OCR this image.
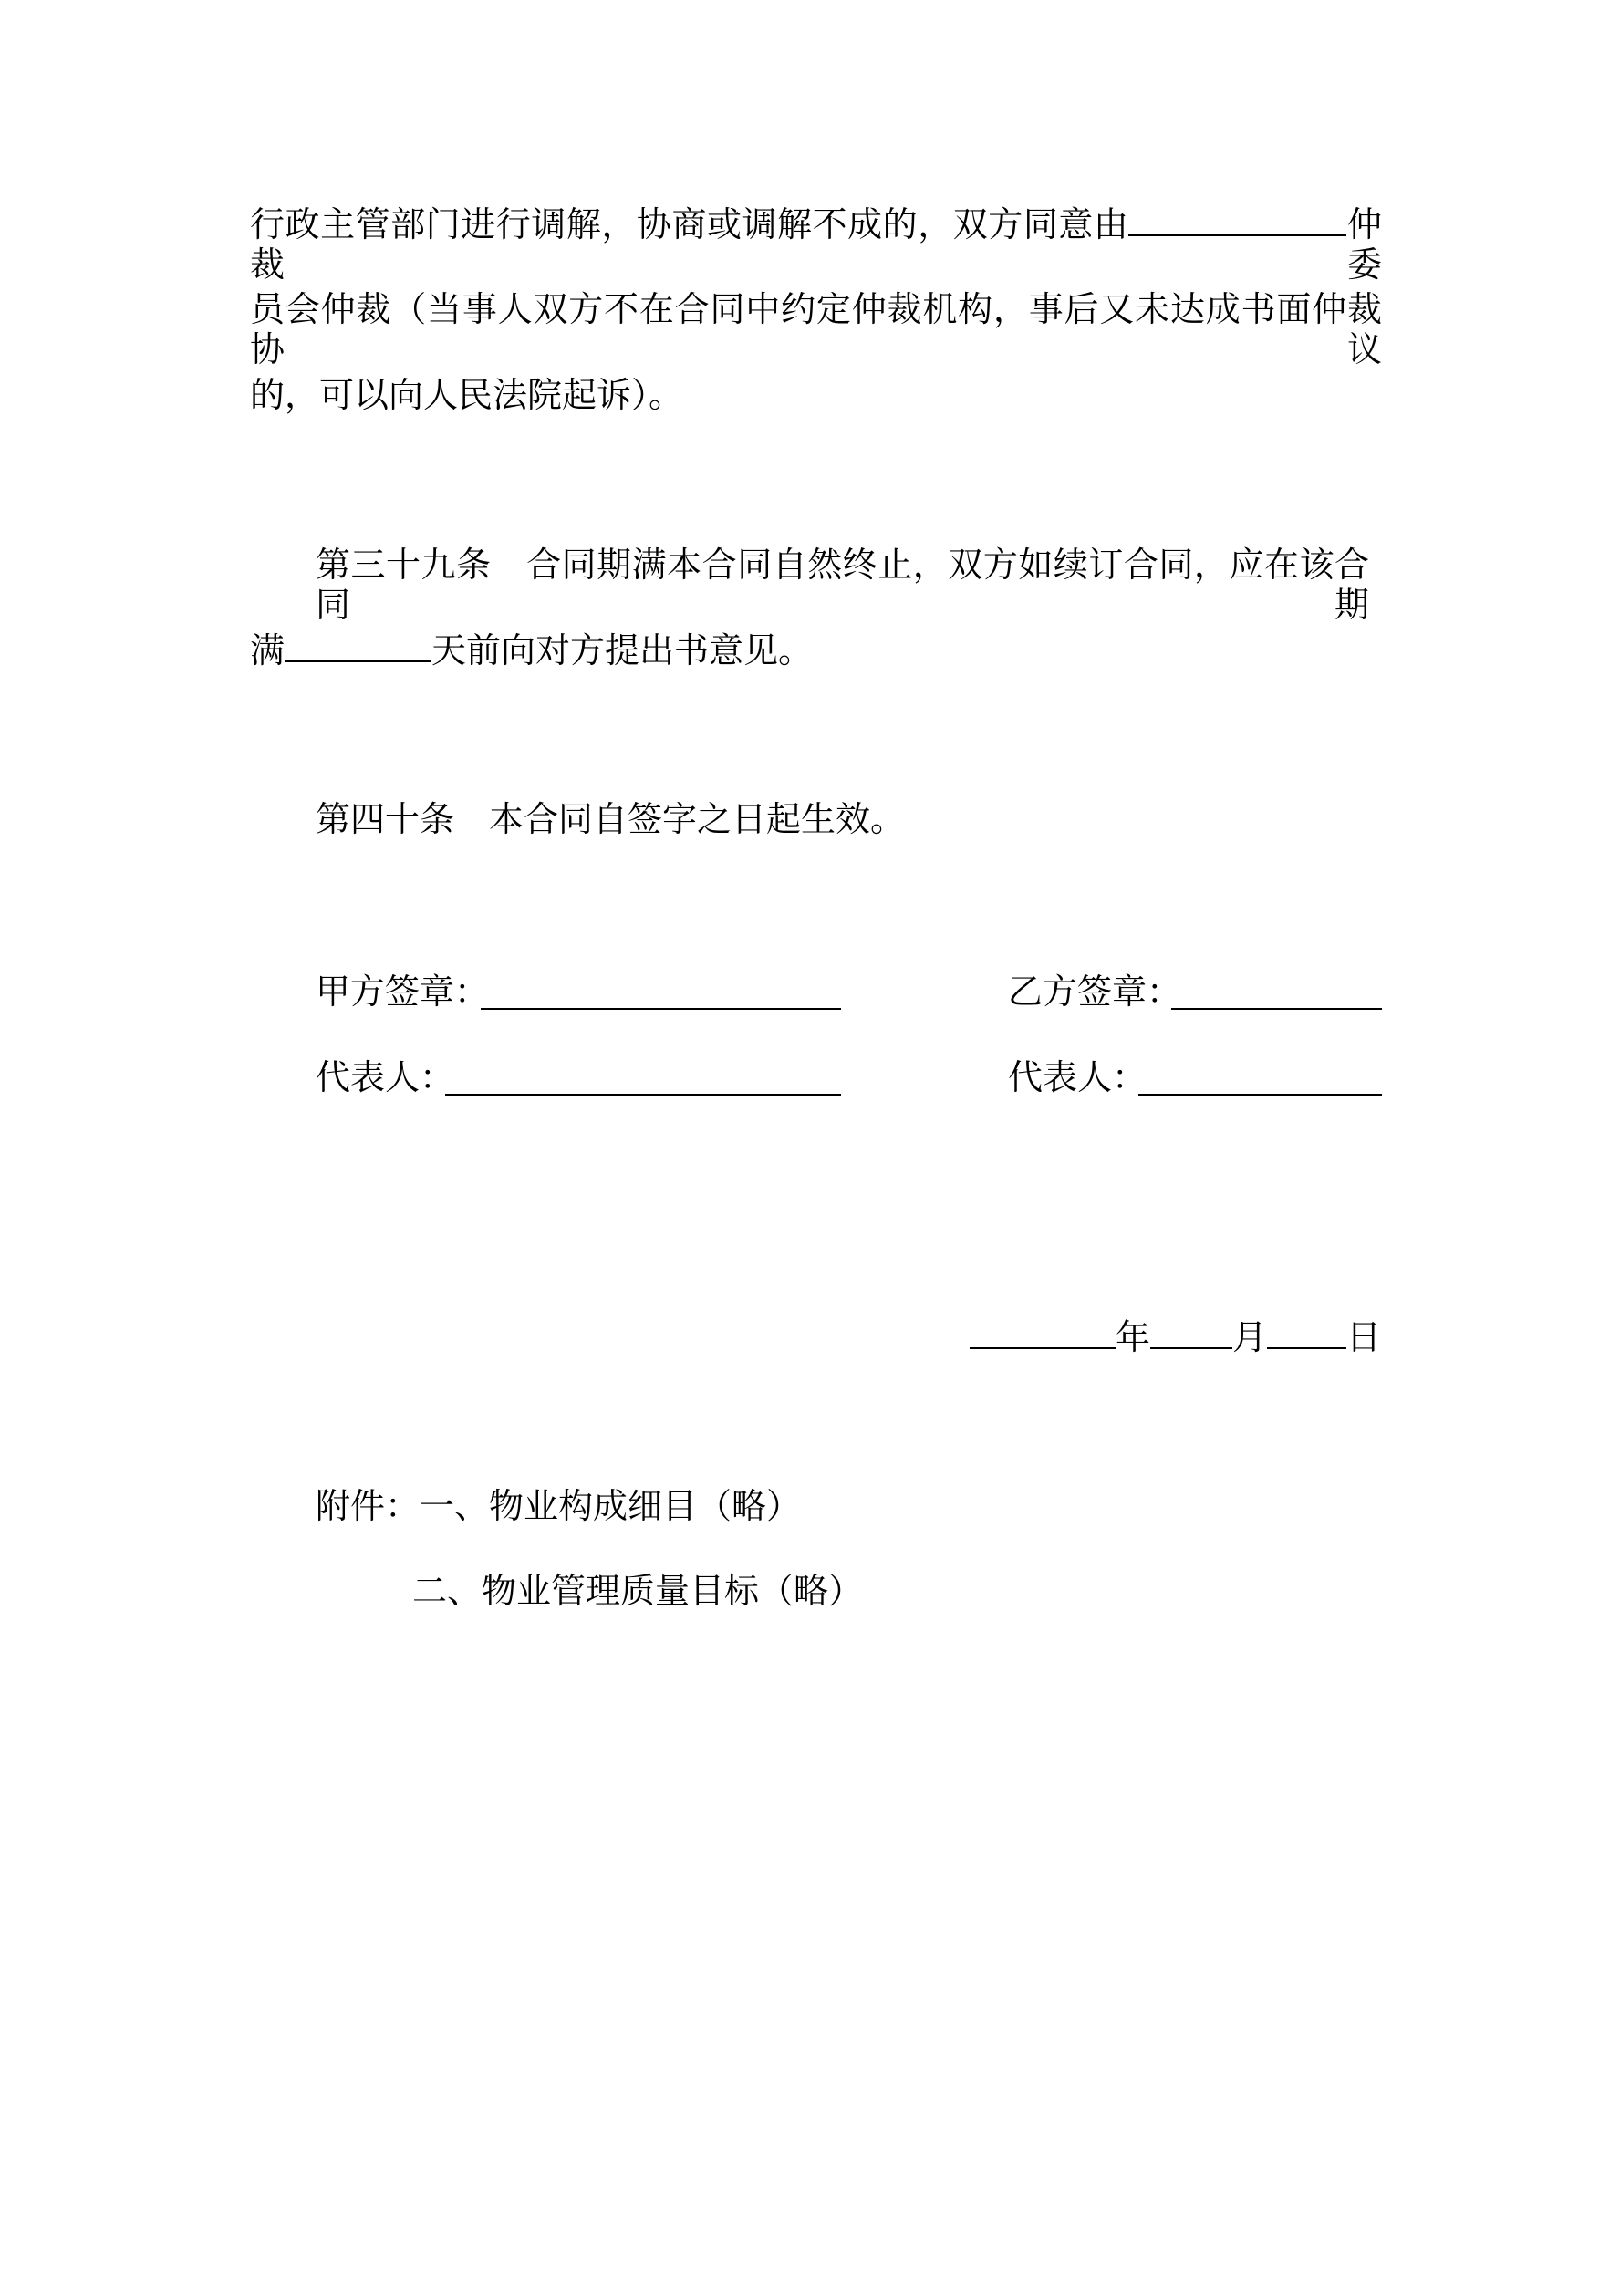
行政主管部门进行调解，协商或调解不成的，双方同意由	仲裁委
员会仲裁（当事人双方不在合同中约定仲裁机构，事后又未达成书面仲裁协议
的，可以向人民法院起诉）。
第三十九条　合同期满本合同自然终止，双方如续订合同，应在该合同期
满	天前向对方提出书意见。
第四十条　本合同自签字之日起生效。
甲方签章：	乙方签章：
代表人：	代表人：
年 月 日
附件：一、物业构成细目（略）
二、物业管理质量目标（略）
